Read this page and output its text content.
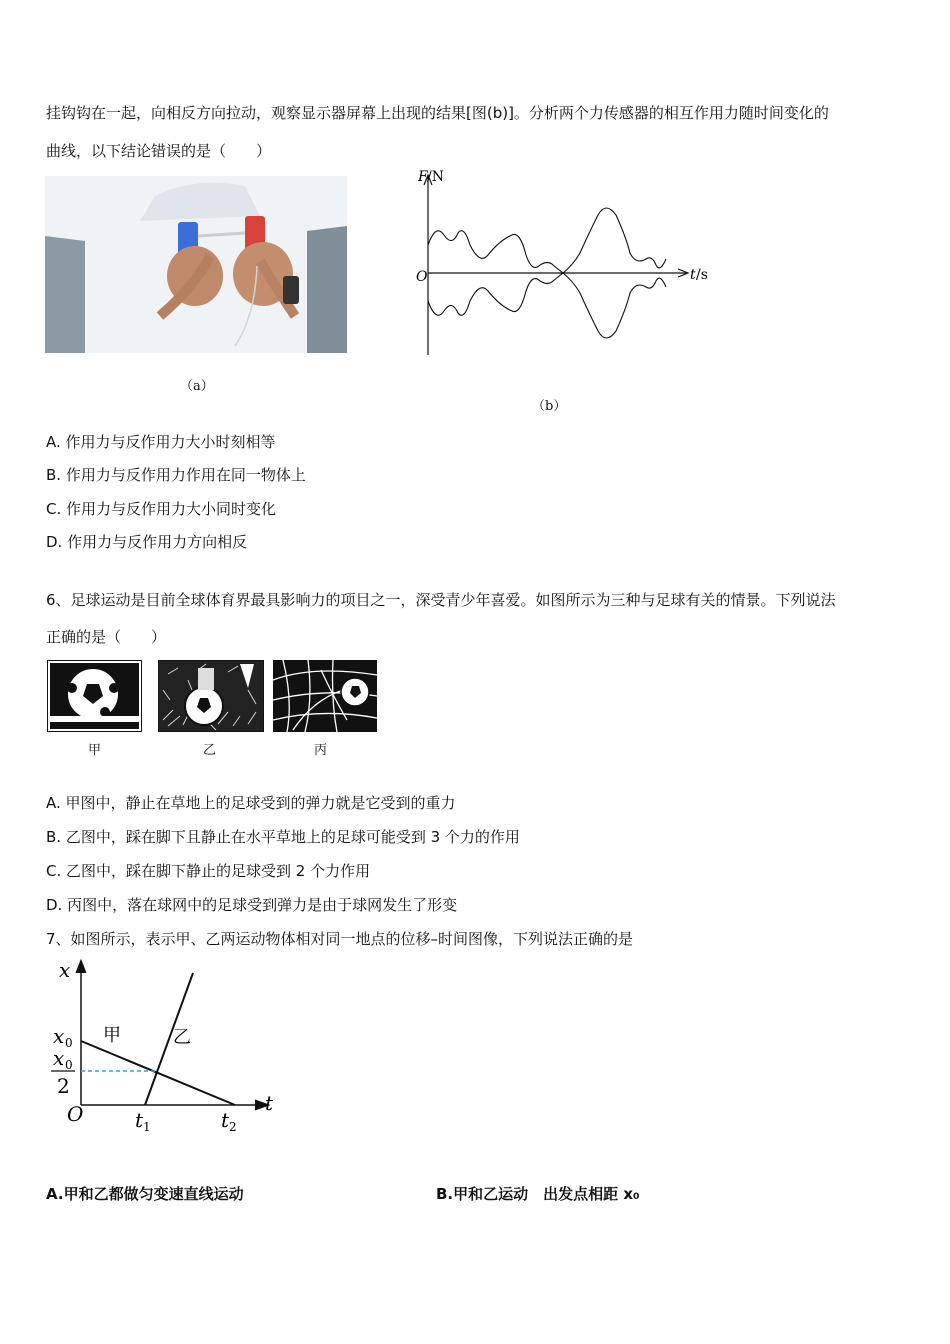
挂钩钩在一起，向相反方向拉动，观察显示器屏幕上出现的结果[图(b)]。分析两个力传感器的相互作用力随时间变化的
曲线，以下结论错误的是（　　）
（a）
F /N
O	t /s
（b）
A. 作用力与反作用力大小时刻相等
B. 作用力与反作用力作用在同一物体上
C. 作用力与反作用力大小同时变化
D. 作用力与反作用力方向相反
6、足球运动是目前全球体育界最具影响力的项目之一，深受青少年喜爱。如图所示为三种与足球有关的情景。下列说法
正确的是（　　）
甲	乙	丙
A. 甲图中，静止在草地上的足球受到的弹力就是它受到的重力
B. 乙图中，踩在脚下且静止在水平草地上的足球可能受到 3 个力的作用
C. 乙图中，踩在脚下静止的足球受到 2 个力作用
D. 丙图中，落在球网中的足球受到弹力是由于球网发生了形变
7、如图所示，表示甲、乙两运动物体相对同一地点的位移–时间图像，下列说法正确的是
x
t
O
x 0
x 0
2
t 1	t 2
甲	乙
A.甲和乙都做匀变速直线运动	B.甲和乙运动　出发点相距 x₀
